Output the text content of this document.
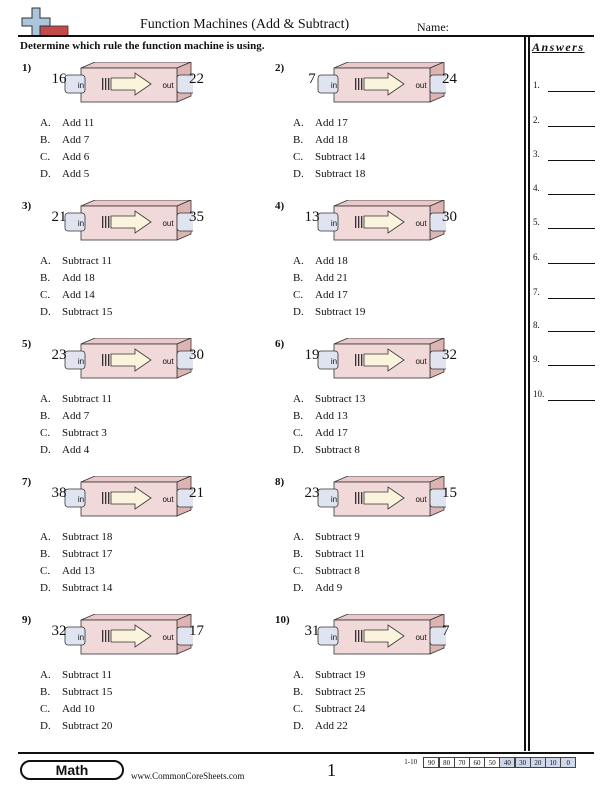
Function Machines (Add & Subtract)	Name:
Determine which rule the function machine is using.	Answers
1.
2.
3.
4.
5.
6.
7.
8.
9.
10.
1)
16	in	out 22
A. Add 11
B. Add 7
C. Add 6
D. Add 5
2)
7	in	out 24
A. Add 17
B. Add 18
C. Subtract 14
D. Subtract 18
3)
21	in	out 35
A. Subtract 11
B. Add 18
C. Add 14
D. Subtract 15
4)
13	in	out 30
A. Add 18
B. Add 21
C. Add 17
D. Subtract 19
5)
23	in	out 30
A. Subtract 11
B. Add 7
C. Subtract 3
D. Add 4
6)
19	in	out 32
A. Subtract 13
B. Add 13
C. Add 17
D. Subtract 8
7)
38	in	out 21
A. Subtract 18
B. Subtract 17
C. Add 13
D. Subtract 14
8)
23	in	out 15
A. Subtract 9
B. Subtract 11
C. Subtract 8
D. Add 9
9)
32	in	out 17
A. Subtract 11
B. Subtract 15
C. Add 10
D. Subtract 20
10)
31	in	out 7
A. Subtract 19
B. Subtract 25
C. Subtract 24
D. Add 22
Math	www.CommonCoreSheets.com	1	1-10	90	80	70	60	50	40	30	20	10	0
